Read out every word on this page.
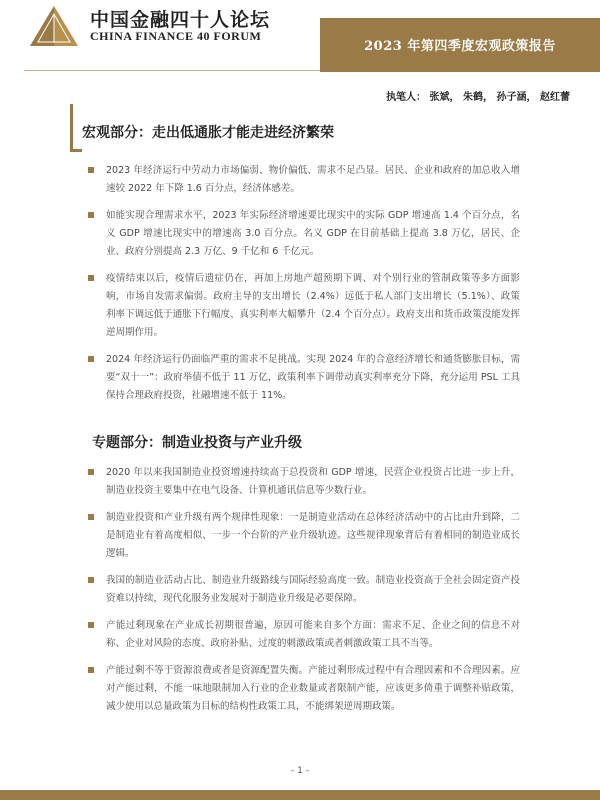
中国金融四十人论坛
CHINA FINANCE 40 FORUM
2023 年第四季度宏观政策报告
执笔人： 张斌， 朱鹤， 孙子涵， 赵红蕾
宏观部分：走出低通胀才能走进经济繁荣
2023 年经济运行中劳动力市场偏弱、物价偏低、需求不足凸显。居民、企业和政府的加总收入增速较 2022 年下降 1.6 百分点，经济体感差。
如能实现合理需求水平，2023 年实际经济增速要比现实中的实际 GDP 增速高 1.4 个百分点，名义 GDP 增速比现实中的增速高 3.0 百分点。名义 GDP 在目前基础上提高 3.8 万亿，居民、企业、政府分别提高 2.3 万亿、9 千亿和 6 千亿元。
疫情结束以后，疫情后遗症仍在，再加上房地产超预期下调、对个别行业的管制政策等多方面影响，市场自发需求偏弱。政府主导的支出增长（2.4%）远低于私人部门支出增长（5.1%）、政策利率下调远低于通胀下行幅度、真实利率大幅攀升（2.4 个百分点）。政府支出和货币政策没能发挥逆周期作用。
2024 年经济运行仍面临严重的需求不足挑战。实现 2024 年的合意经济增长和通货膨胀目标，需要“双十一”：政府举债不低于 11 万亿，政策利率下调带动真实利率充分下降，充分运用 PSL 工具保持合理政府投资，社融增速不低于 11%。
专题部分：制造业投资与产业升级
2020 年以来我国制造业投资增速持续高于总投资和 GDP 增速，民营企业投资占比进一步上升，制造业投资主要集中在电气设备、计算机通讯信息等少数行业。
制造业投资和产业升级有两个规律性现象：一是制造业活动在总体经济活动中的占比由升到降，二是制造业有着高度相似、一步一个台阶的产业升级轨迹。这些规律现象背后有着相同的制造业成长逻辑。
我国的制造业活动占比、制造业升级路线与国际经验高度一致。制造业投资高于全社会固定资产投资难以持续，现代化服务业发展对于制造业升级是必要保障。
产能过剩现象在产业成长初期很普遍，原因可能来自多个方面：需求不足、企业之间的信息不对称、企业对风险的态度、政府补贴、过度的刺激政策或者刺激政策工具不当等。
产能过剩不等于资源浪费或者是资源配置失衡。产能过剩形成过程中有合理因素和不合理因素。应对产能过剩，不能一味地限制加入行业的企业数量或者限制产能，应该更多倚重于调整补贴政策，减少使用以总量政策为目标的结构性政策工具，不能绑架逆周期政策。
- 1 -
